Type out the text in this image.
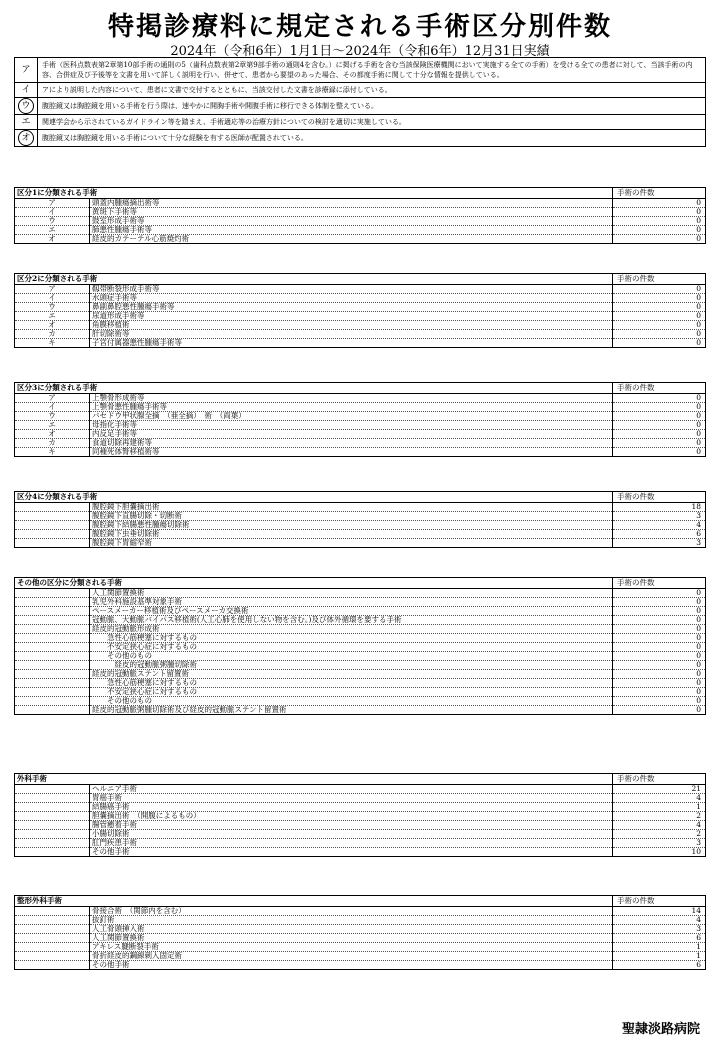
特掲診療料に規定される手術区分別件数
2024年（令和6年）1月1日～2024年（令和6年）12月31日実績
ア	手術（医科点数表第2章第10部手術の通則の5（歯科点数表第2章第9部手術の通則4を含む。）に掲げる手術を含む当該保険医療機関において実施する全ての手術）を受ける全ての患者に対して、当該手術の内容、合併症及び予後等を文書を用いて詳しく説明を行い、併せて、患者から要望のあった場合、その都度手術に関して十分な情報を提供している。
イ	アにより説明した内容について、患者に文書で交付するとともに、当該交付した文書を診療録に添付している。
ウ	腹腔鏡又は胸腔鏡を用いる手術を行う際は、速やかに開胸手術や開腹手術に移行できる体制を整えている。
エ	関連学会から示されているガイドライン等を踏まえ、手術適応等の治療方針についての検討を適切に実施している。
オ	腹腔鏡又は胸腔鏡を用いる手術について十分な経験を有する医師が配置されている。
区分1に分類される手術		手術の件数
ア	頭蓋内腫瘍摘出術等	0
イ	黄斑下手術等	0
ウ	鼓室形成手術等	0
エ	肺悪性腫瘍手術等	0
オ	経皮的カテーテル心筋焼灼術	0
区分2に分類される手術		手術の件数
ア	靱帯断裂形成手術等	0
イ	水頭症手術等	0
ウ	鼻副鼻腔悪性腫瘍手術等	0
エ	尿道形成手術等	0
オ	角膜移植術	0
カ	肝切除術等	0
キ	子宮付属器悪性腫瘍手術等	0
区分3に分類される手術		手術の件数
ア	上顎骨形成術等	0
イ	上顎骨悪性腫瘍手術等	0
ウ	バセドウ甲状腺全摘　（亜全摘）　術　（両葉）	0
エ	母指化手術等	0
オ	内反足手術等	0
カ	食道切除再建術等	0
キ	同種死体腎移植術等	0
区分4に分類される手術		手術の件数
	腹腔鏡下胆嚢摘出術	18
	腹腔鏡下直腸切除・切断術	3
	腹腔鏡下結腸悪性腫瘍切除術	4
	腹腔鏡下虫垂切除術	6
	腹腔鏡下胃縮窄術	3
その他の区分に分類される手術		手術の件数
	人工関節置換術	0
	乳児外科施設基準対象手術	0
	ペースメーカー移植術及びペースメーカ交換術	0
	冠動脈、大動脈バイパス移植術(人工心肺を使用しない物を含む。)及び体外循環を要する手術	0
	経皮的冠動脈形成術	0
	　　急性心筋梗塞に対するもの	0
	　　不安定狭心症に対するもの	0
	　　その他のもの	0
	　　　経皮的冠動脈粥腫切除術	0
	経皮的冠動脈ステント留置術	0
	　　急性心筋梗塞に対するもの	0
	　　不安定狭心症に対するもの	0
	　　その他のもの	0
	経皮的冠動脈粥腫切除術及び経皮的冠動脈ステント留置術	0
外科手術		手術の件数
	ヘルニア手術	21
	胃癌手術	4
	結腸癌手術	1
	胆嚢摘出術　（開腹によるもの）	2
	腸管癒着手術	4
	小腸切除術	2
	肛門疾患手術	3
	その他手術	10
整形外科手術		手術の件数
	骨接合術　（関節内を含む）	14
	抜釘術	4
	人工骨頭挿入術	3
	人工関節置換術	6
	アキレス腱断裂手術	1
	骨折経皮的鋼線刺入固定術	1
	その他手術	6
聖隷淡路病院
